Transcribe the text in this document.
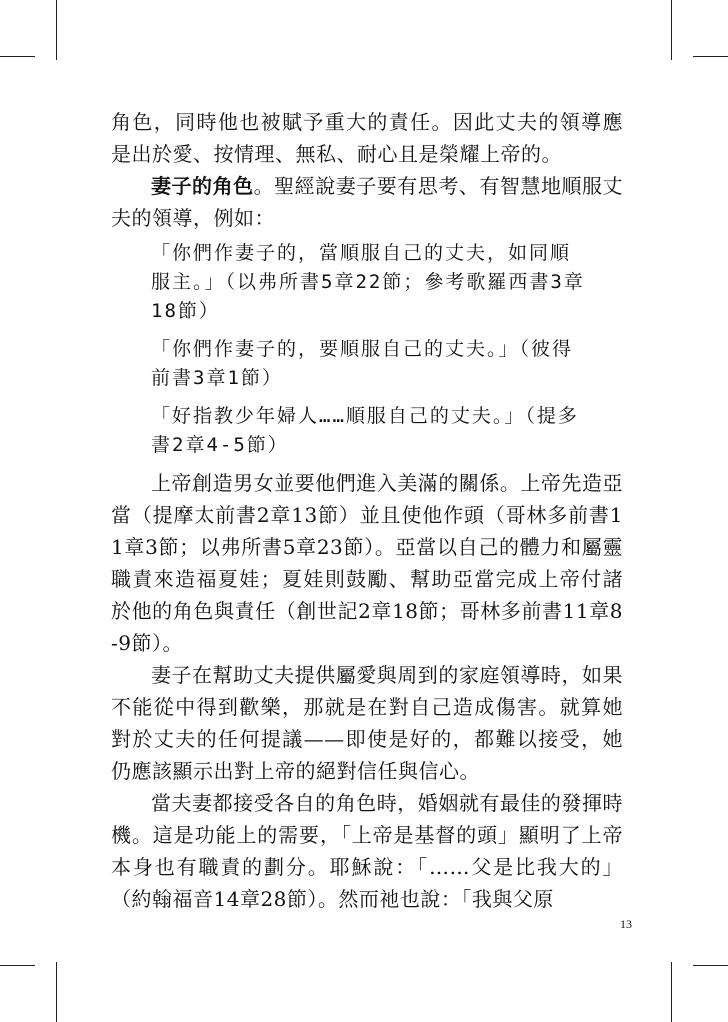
角色，同時他也被賦予重大的責任。因此丈夫的領導應是出於愛、按情理、無私、耐心且是榮耀上帝的。

妻子的角色。聖經說妻子要有思考、有智慧地順服丈夫的領導，例如：

「你們作妻子的，當順服自己的丈夫，如同順服主。」（以弗所書5章22節；參考歌羅西書3章18節）

「你們作妻子的，要順服自己的丈夫。」（彼得前書3章1節）

「好指教少年婦人……順服自己的丈夫。」（提多書2章4-5節）

上帝創造男女並要他們進入美滿的關係。上帝先造亞當（提摩太前書2章13節）並且使他作頭（哥林多前書11章3節；以弗所書5章23節）。亞當以自己的體力和屬靈職責來造福夏娃；夏娃則鼓勵、幫助亞當完成上帝付諸於他的角色與責任（創世記2章18節；哥林多前書11章8-9節）。

妻子在幫助丈夫提供屬愛與周到的家庭領導時，如果不能從中得到歡樂，那就是在對自己造成傷害。就算她對於丈夫的任何提議——即使是好的，都難以接受，她仍應該顯示出對上帝的絕對信任與信心。

當夫妻都接受各自的角色時，婚姻就有最佳的發揮時機。這是功能上的需要，「上帝是基督的頭」顯明了上帝本身也有職責的劃分。耶穌說：「……父是比我大的」（約翰福音14章28節）。然而祂也說：「我與父原

13
